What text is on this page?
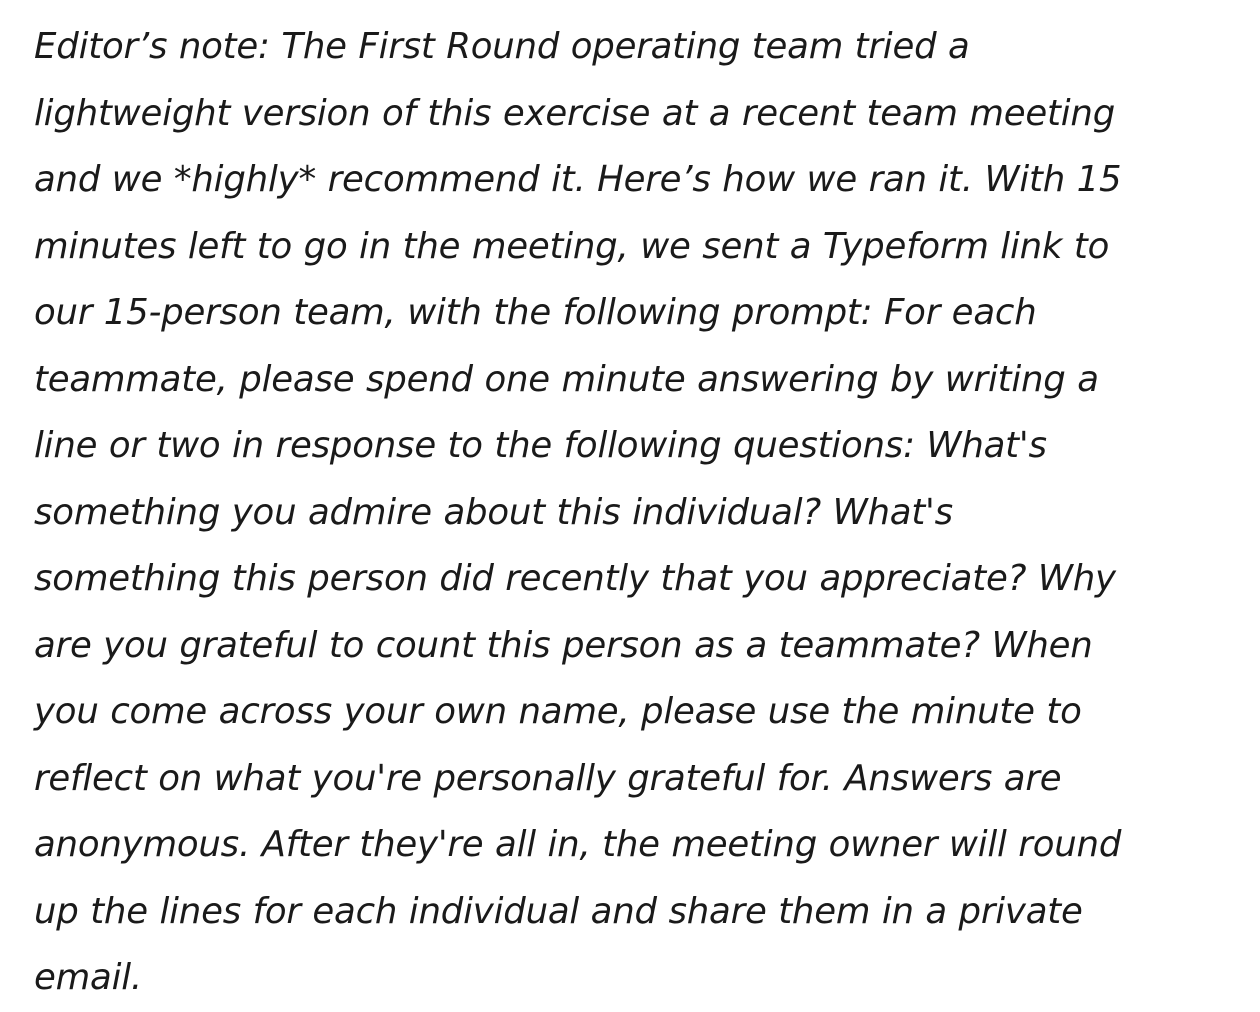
Editor’s note: The First Round operating team tried a lightweight version of this exercise at a recent team meeting and we *highly* recommend it. Here’s how we ran it. With 15 minutes left to go in the meeting, we sent a Typeform link to our 15-person team, with the following prompt: For each teammate, please spend one minute answering by writing a line or two in response to the following questions: What's something you admire about this individual? What's something this person did recently that you appreciate? Why are you grateful to count this person as a teammate? When you come across your own name, please use the minute to reflect on what you're personally grateful for. Answers are anonymous. After they're all in, the meeting owner will round up the lines for each individual and share them in a private email.
